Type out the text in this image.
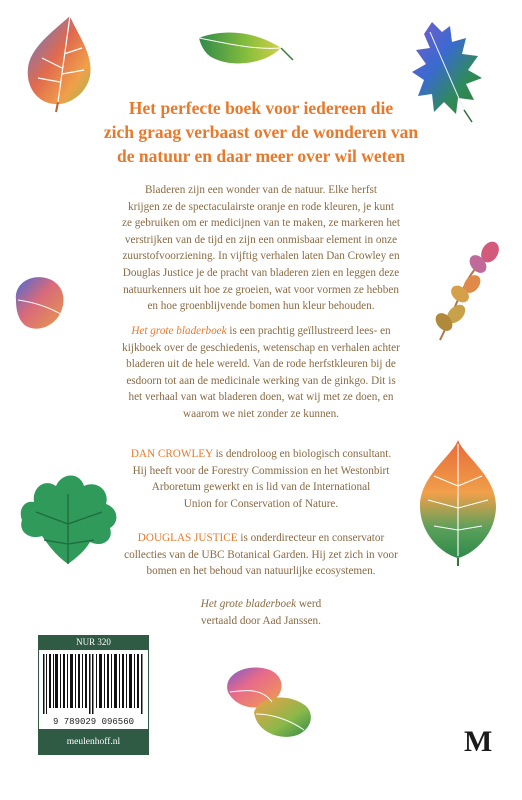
Het perfecte boek voor iedereen die
zich graag verbaast over de wonderen van
de natuur en daar meer over wil weten
Bladeren zijn een wonder van de natuur. Elke herfst
krijgen ze de spectaculairste oranje en rode kleuren, je kunt
ze gebruiken om er medicijnen van te maken, ze markeren het
verstrijken van de tijd en zijn een onmisbaar element in onze
zuurstofvoorziening. In vijftig verhalen laten Dan Crowley en
Douglas Justice je de pracht van bladeren zien en leggen deze
natuurkenners uit hoe ze groeien, wat voor vormen ze hebben
en hoe groenblijvende bomen hun kleur behouden.
Het grote bladerboek is een prachtig geïllustreerd lees- en
kijkboek over de geschiedenis, wetenschap en verhalen achter
bladeren uit de hele wereld. Van de rode herfstkleuren bij de
esdoorn tot aan de medicinale werking van de ginkgo. Dit is
het verhaal van wat bladeren doen, wat wij met ze doen, en
waarom we niet zonder ze kunnen.
DAN CROWLEY is dendroloog en biologisch consultant.
Hij heeft voor de Forestry Commission en het Westonbirt
Arboretum gewerkt en is lid van de International
Union for Conservation of Nature.
DOUGLAS JUSTICE is onderdirecteur en conservator
collecties van de UBC Botanical Garden. Hij zet zich in voor
bomen en het behoud van natuurlijke ecosystemen.
Het grote bladerboek werd
vertaald door Aad Janssen.
NUR 320
9 789029 096560
meulenhoff.nl	M
